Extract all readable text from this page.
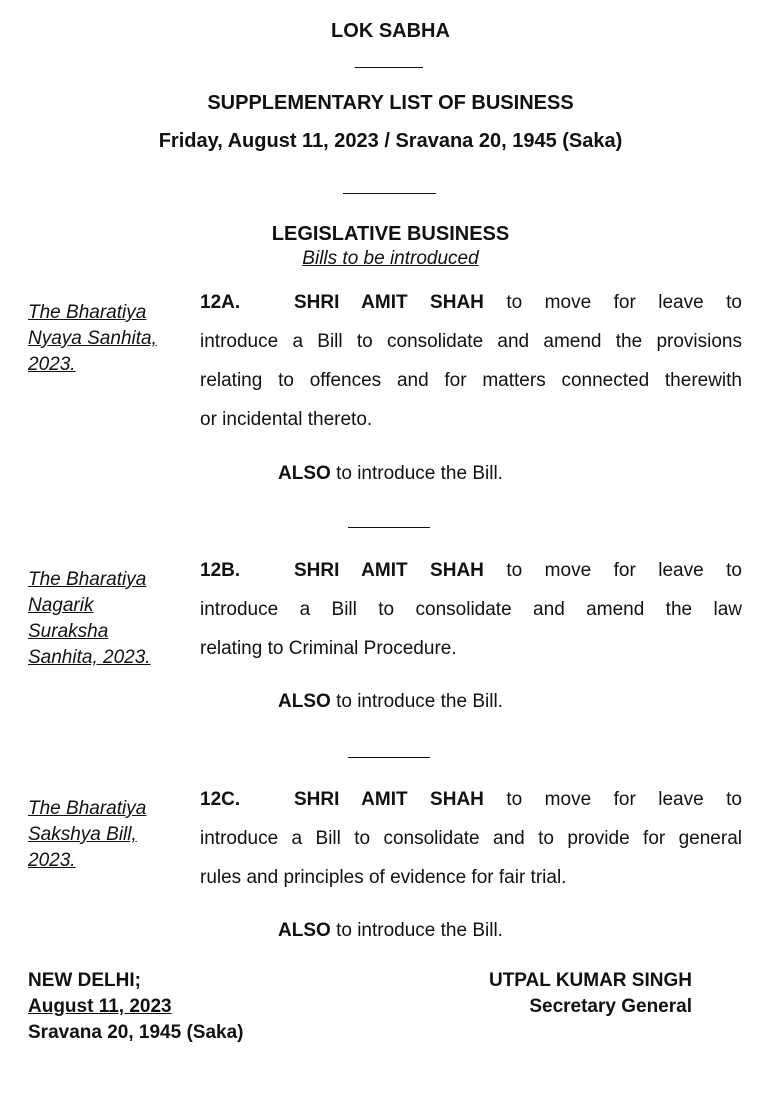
LOK SABHA
SUPPLEMENTARY LIST OF BUSINESS
Friday, August 11, 2023 / Sravana 20, 1945 (Saka)
LEGISLATIVE BUSINESS
Bills to be introduced
The Bharatiya
Nyaya Sanhita,
2023.
12A.	SHRI AMIT SHAH to move for leave to
introduce a Bill to consolidate and amend the provisions
relating to offences and for matters connected therewith
or incidental thereto.
ALSO to introduce the Bill.
The Bharatiya
Nagarik
Suraksha
Sanhita, 2023.
12B.	SHRI AMIT SHAH to move for leave to
introduce a Bill to consolidate and amend the law
relating to Criminal Procedure.
ALSO to introduce the Bill.
The Bharatiya
Sakshya Bill,
2023.
12C.	SHRI AMIT SHAH to move for leave to
introduce a Bill to consolidate and to provide for general
rules and principles of evidence for fair trial.
ALSO to introduce the Bill.
NEW DELHI;
August 11, 2023
Sravana 20, 1945 (Saka)
UTPAL KUMAR SINGH
Secretary General
